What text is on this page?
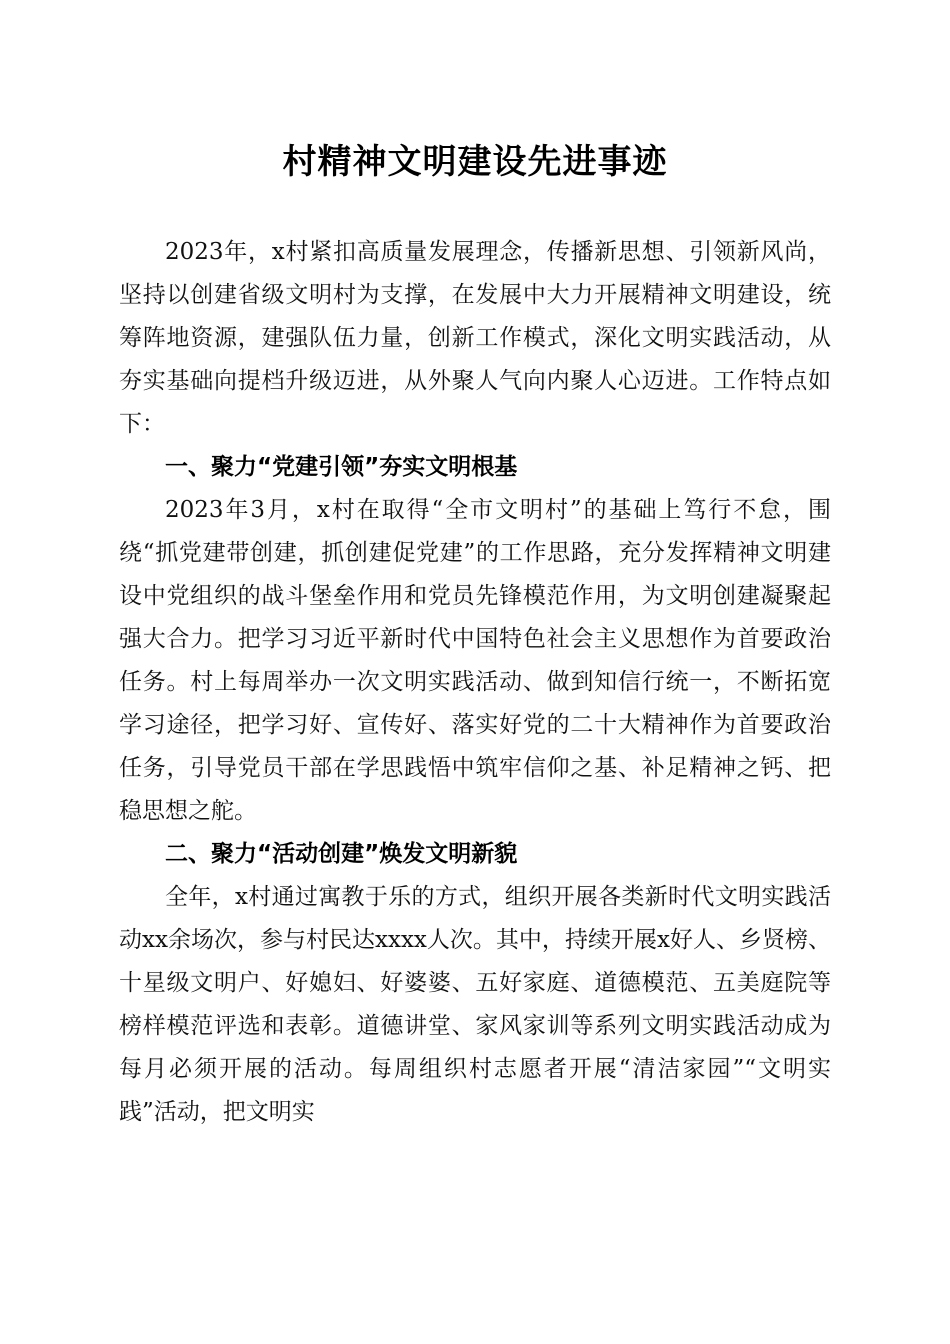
村精神文明建设先进事迹

2023年，x村紧扣高质量发展理念，传播新思想、引领新风尚，坚持以创建省级文明村为支撑，在发展中大力开展精神文明建设，统筹阵地资源，建强队伍力量，创新工作模式，深化文明实践活动，从夯实基础向提档升级迈进，从外聚人气向内聚人心迈进。工作特点如下：

一、聚力“党建引领”夯实文明根基

2023年3月，x村在取得“全市文明村”的基础上笃行不怠，围绕“抓党建带创建，抓创建促党建”的工作思路，充分发挥精神文明建设中党组织的战斗堡垒作用和党员先锋模范作用，为文明创建凝聚起强大合力。把学习习近平新时代中国特色社会主义思想作为首要政治任务。村上每周举办一次文明实践活动、做到知信行统一，不断拓宽学习途径，把学习好、宣传好、落实好党的二十大精神作为首要政治任务，引导党员干部在学思践悟中筑牢信仰之基、补足精神之钙、把稳思想之舵。

二、聚力“活动创建”焕发文明新貌

全年，x村通过寓教于乐的方式，组织开展各类新时代文明实践活动xx余场次，参与村民达xxxx人次。其中，持续开展x好人、乡贤榜、十星级文明户、好媳妇、好婆婆、五好家庭、道德模范、五美庭院等榜样模范评选和表彰。道德讲堂、家风家训等系列文明实践活动成为每月必须开展的活动。每周组织村志愿者开展“清洁家园”“文明实践”活动，把文明实
